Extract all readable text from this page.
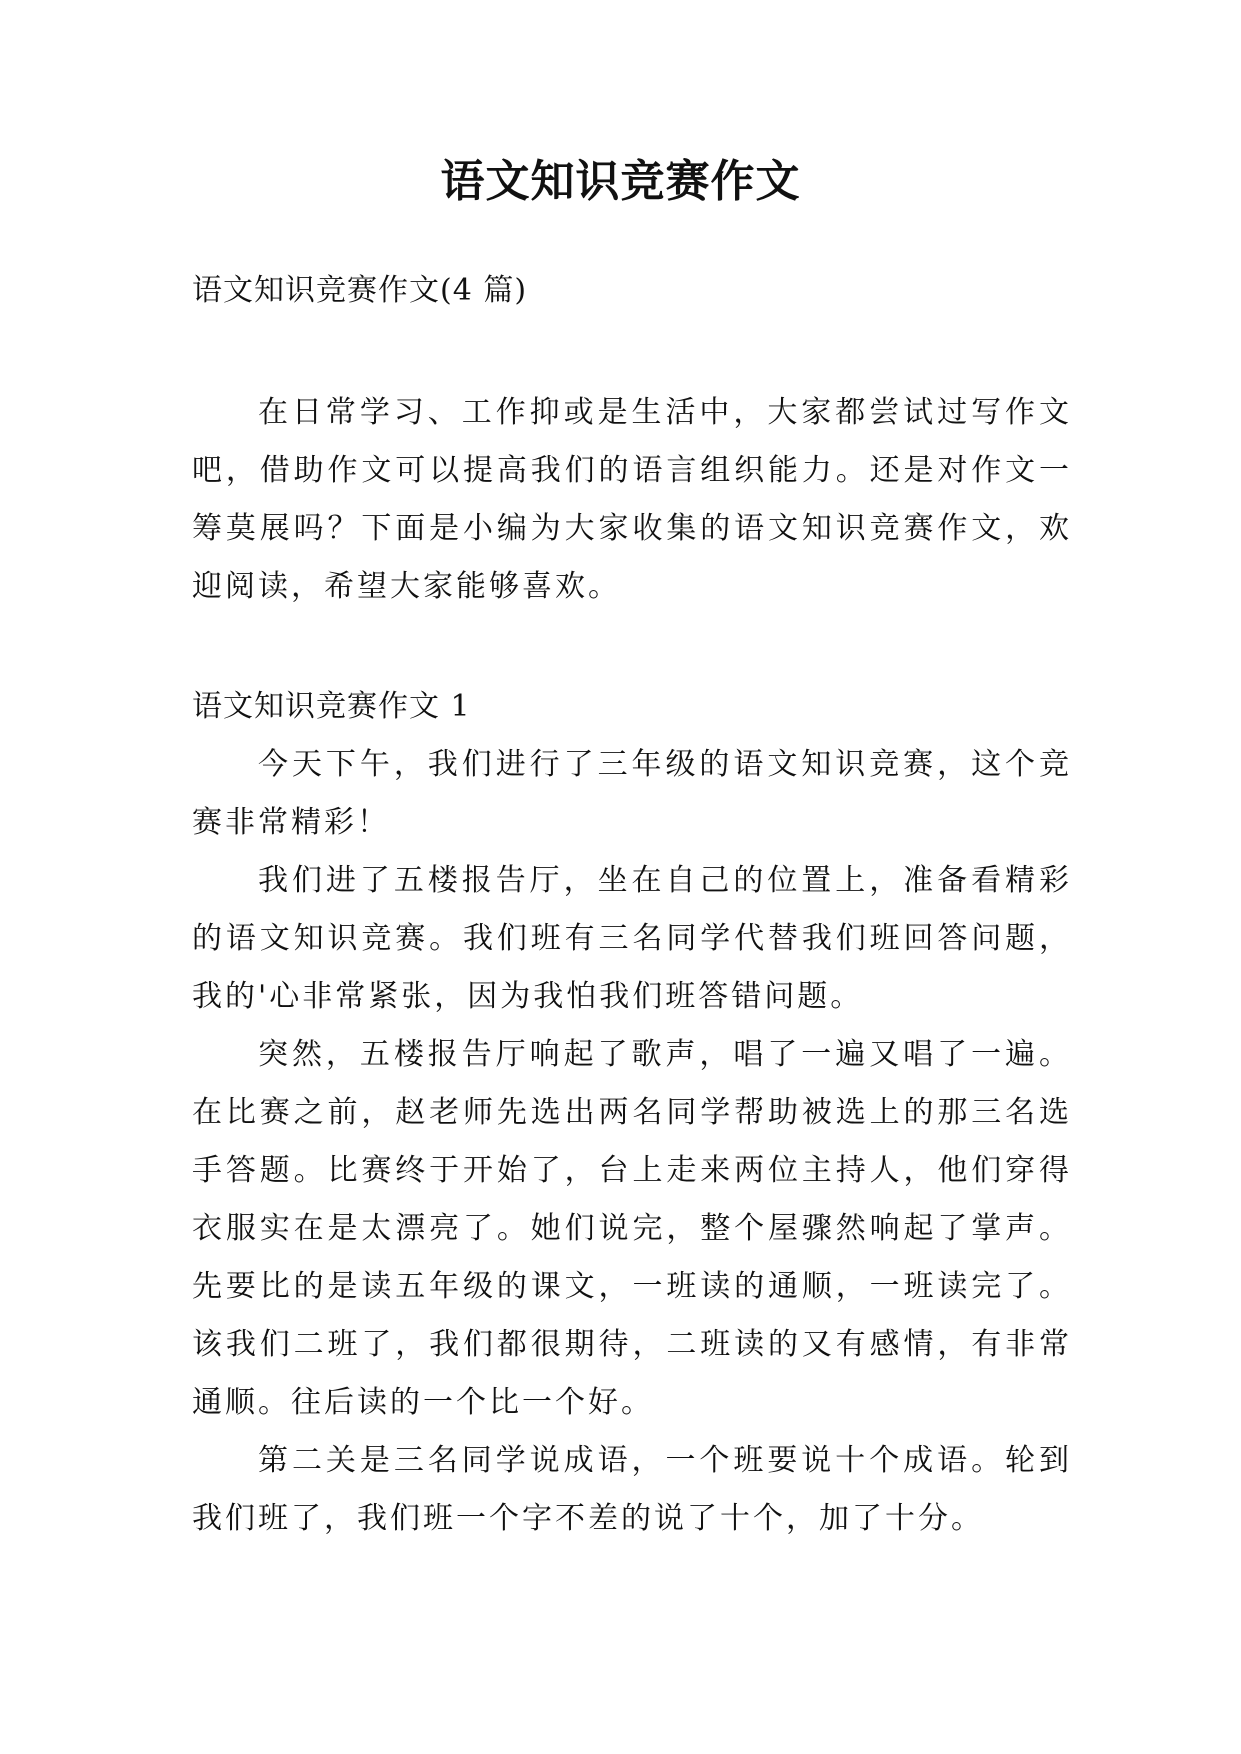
语文知识竞赛作文

语文知识竞赛作文(4 篇)

在日常学习、工作抑或是生活中，大家都尝试过写作文吧，借助作文可以提高我们的语言组织能力。还是对作文一筹莫展吗？下面是小编为大家收集的语文知识竞赛作文，欢迎阅读，希望大家能够喜欢。

语文知识竞赛作文 1

今天下午，我们进行了三年级的语文知识竞赛，这个竞赛非常精彩！

我们进了五楼报告厅，坐在自己的位置上，准备看精彩的语文知识竞赛。我们班有三名同学代替我们班回答问题，我的'心非常紧张，因为我怕我们班答错问题。

突然，五楼报告厅响起了歌声，唱了一遍又唱了一遍。在比赛之前，赵老师先选出两名同学帮助被选上的那三名选手答题。比赛终于开始了，台上走来两位主持人，他们穿得衣服实在是太漂亮了。她们说完，整个屋骤然响起了掌声。先要比的是读五年级的课文，一班读的通顺，一班读完了。该我们二班了，我们都很期待，二班读的又有感情，有非常通顺。往后读的一个比一个好。

第二关是三名同学说成语，一个班要说十个成语。轮到我们班了，我们班一个字不差的说了十个，加了十分。
